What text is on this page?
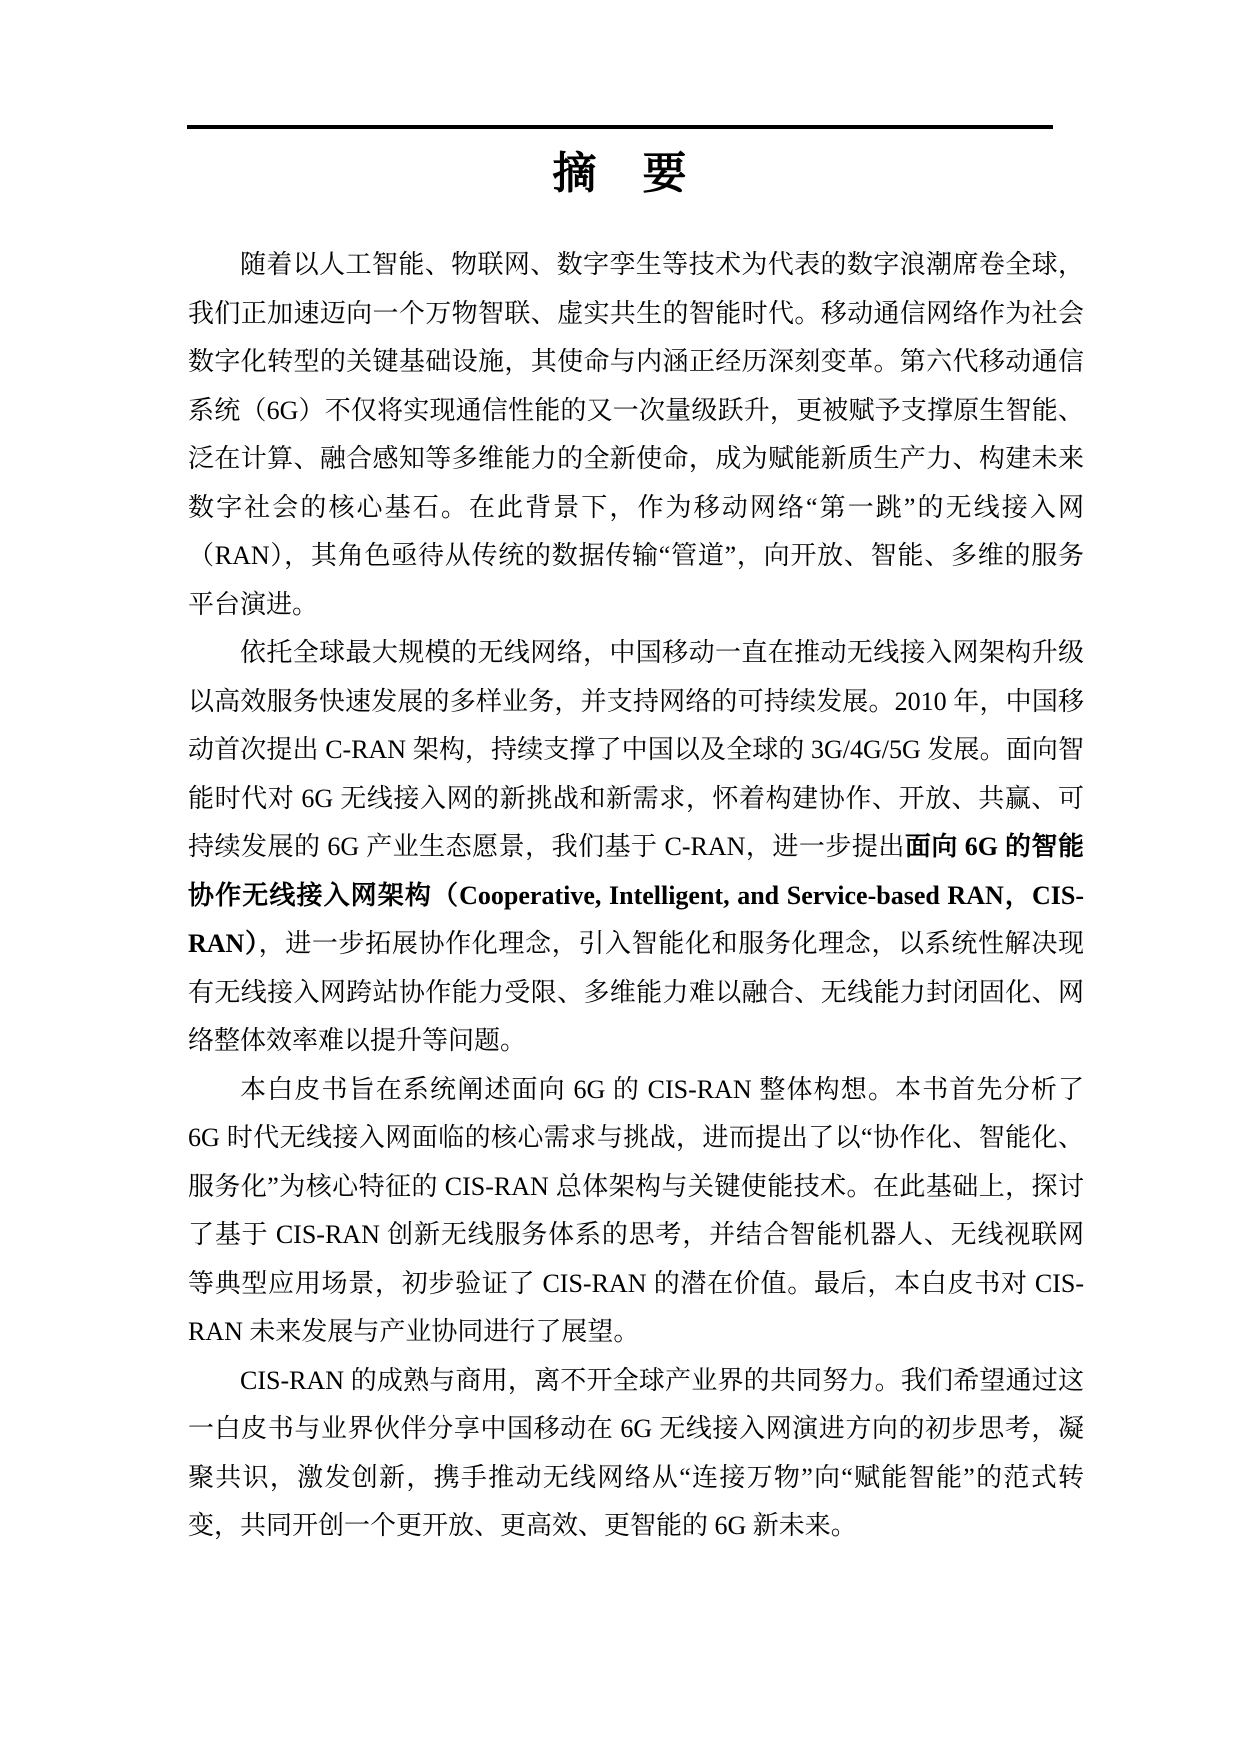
摘　要

随着以人工智能、物联网、数字孪生等技术为代表的数字浪潮席卷全球，我们正加速迈向一个万物智联、虚实共生的智能时代。移动通信网络作为社会数字化转型的关键基础设施，其使命与内涵正经历深刻变革。第六代移动通信系统（6G）不仅将实现通信性能的又一次量级跃升，更被赋予支撑原生智能、泛在计算、融合感知等多维能力的全新使命，成为赋能新质生产力、构建未来数字社会的核心基石。在此背景下，作为移动网络“第一跳”的无线接入网（RAN），其角色亟待从传统的数据传输“管道”，向开放、智能、多维的服务平台演进。

依托全球最大规模的无线网络，中国移动一直在推动无线接入网架构升级以高效服务快速发展的多样业务，并支持网络的可持续发展。2010 年，中国移动首次提出 C-RAN 架构，持续支撑了中国以及全球的 3G/4G/5G 发展。面向智能时代对 6G 无线接入网的新挑战和新需求，怀着构建协作、开放、共赢、可持续发展的 6G 产业生态愿景，我们基于 C-RAN，进一步提出面向 6G 的智能协作无线接入网架构（Cooperative, Intelligent, and Service-based RAN，CIS-RAN），进一步拓展协作化理念，引入智能化和服务化理念，以系统性解决现有无线接入网跨站协作能力受限、多维能力难以融合、无线能力封闭固化、网络整体效率难以提升等问题。

本白皮书旨在系统阐述面向 6G 的 CIS-RAN 整体构想。本书首先分析了 6G 时代无线接入网面临的核心需求与挑战，进而提出了以“协作化、智能化、服务化”为核心特征的 CIS-RAN 总体架构与关键使能技术。在此基础上，探讨了基于 CIS-RAN 创新无线服务体系的思考，并结合智能机器人、无线视联网等典型应用场景，初步验证了 CIS-RAN 的潜在价值。最后，本白皮书对 CIS-RAN 未来发展与产业协同进行了展望。

CIS-RAN 的成熟与商用，离不开全球产业界的共同努力。我们希望通过这一白皮书与业界伙伴分享中国移动在 6G 无线接入网演进方向的初步思考，凝聚共识，激发创新，携手推动无线网络从“连接万物”向“赋能智能”的范式转变，共同开创一个更开放、更高效、更智能的 6G 新未来。
